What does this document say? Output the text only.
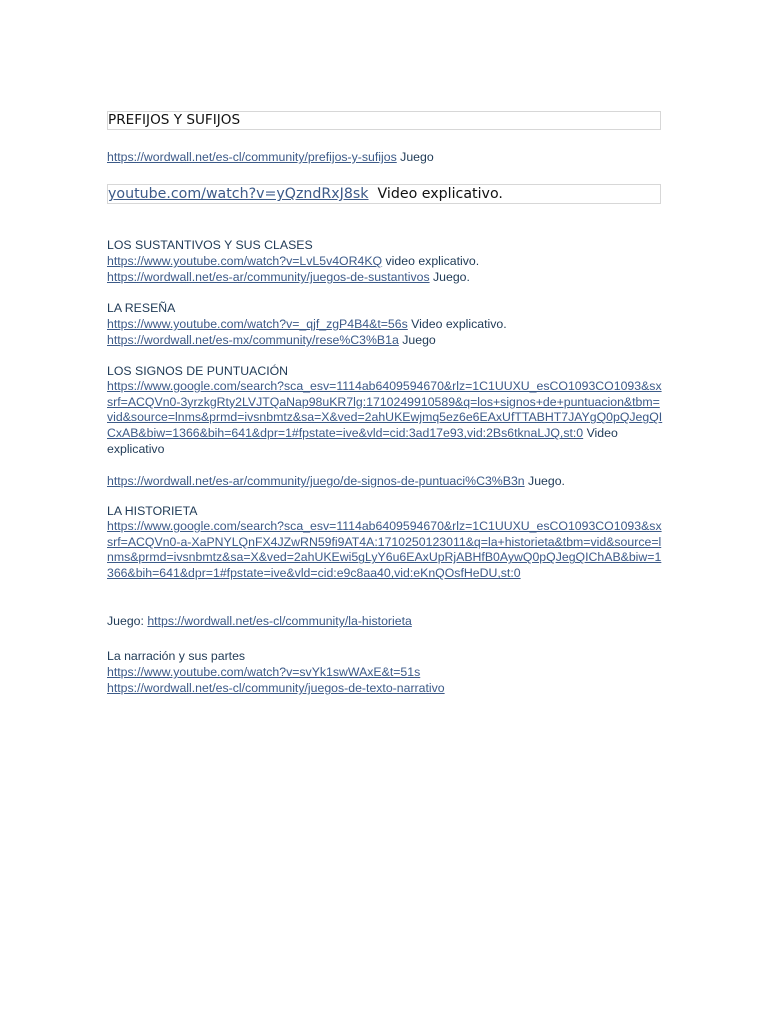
PREFIJOS Y SUFIJOS
https://wordwall.net/es-cl/community/prefijos-y-sufijos Juego
youtube.com/watch?v=yQzndRxJ8sk  Video explicativo.
LOS SUSTANTIVOS Y SUS CLASES
https://www.youtube.com/watch?v=LvL5v4OR4KQ video explicativo.
https://wordwall.net/es-ar/community/juegos-de-sustantivos Juego.
LA RESEÑA
https://www.youtube.com/watch?v=_qjf_zgP4B4&t=56s Video explicativo.
https://wordwall.net/es-mx/community/rese%C3%B1a Juego
LOS SIGNOS DE PUNTUACIÓN
https://www.google.com/search?sca_esv=1114ab6409594670&rlz=1C1UUXU_esCO1093CO1093&sxsrf=ACQVn0-3yrzkgRty2LVJTQaNap98uKR7lg:1710249910589&q=los+signos+de+puntuacion&tbm=vid&source=lnms&prmd=ivsnbmtz&sa=X&ved=2ahUKEwjmq5ez6e6EAxUfTTABHT7JAYgQ0pQJegQICxAB&biw=1366&bih=641&dpr=1#fpstate=ive&vld=cid:3ad17e93,vid:2Bs6tknaLJQ,st:0 Video explicativo
https://wordwall.net/es-ar/community/juego/de-signos-de-puntuaci%C3%B3n Juego.
LA HISTORIETA
https://www.google.com/search?sca_esv=1114ab6409594670&rlz=1C1UUXU_esCO1093CO1093&sxsrf=ACQVn0-a-XaPNYLQnFX4JZwRN59fi9AT4A:1710250123011&q=la+historieta&tbm=vid&source=lnms&prmd=ivsnbmtz&sa=X&ved=2ahUKEwi5gLyY6u6EAxUpRjABHfB0AywQ0pQJegQIChAB&biw=1366&bih=641&dpr=1#fpstate=ive&vld=cid:e9c8aa40,vid:eKnQOsfHeDU,st:0
Juego: https://wordwall.net/es-cl/community/la-historieta
La narración y sus partes
https://www.youtube.com/watch?v=svYk1swWAxE&t=51s
https://wordwall.net/es-cl/community/juegos-de-texto-narrativo
